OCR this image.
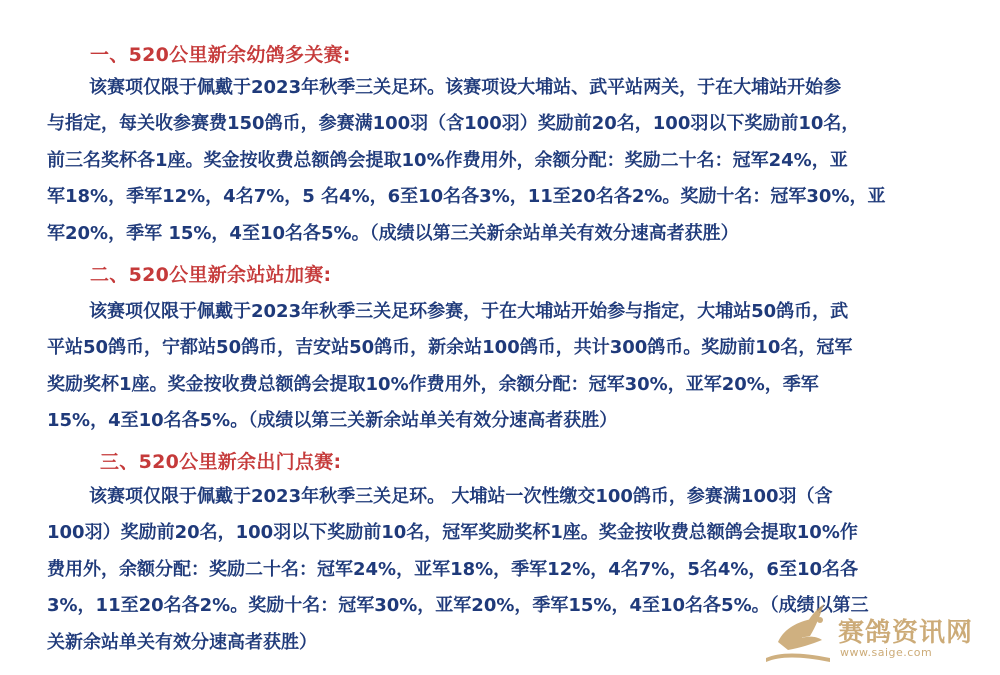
一、520公里新余幼鸽多关赛:
该赛项仅限于佩戴于2023年秋季三关足环。该赛项设大埔站、武平站两关，于在大埔站开始参
与指定，每关收参赛费150鸽币，参赛满100羽（含100羽）奖励前20名，100羽以下奖励前10名，
前三名奖杯各1座。奖金按收费总额鸽会提取10%作费用外，余额分配：奖励二十名：冠军24%，亚
军18%，季军12%，4名7%，5 名4%，6至10名各3%，11至20名各2%。奖励十名：冠军30%，亚
军20%，季军 15%，4至10名各5%。（成绩以第三关新余站单关有效分速高者获胜）
二、520公里新余站站加赛:
该赛项仅限于佩戴于2023年秋季三关足环参赛，于在大埔站开始参与指定，大埔站50鸽币，武
平站50鸽币，宁都站50鸽币，吉安站50鸽币，新余站100鸽币，共计300鸽币。奖励前10名，冠军
奖励奖杯1座。奖金按收费总额鸽会提取10%作费用外，余额分配：冠军30%，亚军20%，季军
15%，4至10名各5%。（成绩以第三关新余站单关有效分速高者获胜）
三、520公里新余出门点赛:
该赛项仅限于佩戴于2023年秋季三关足环。 大埔站一次性缴交100鸽币，参赛满100羽（含
100羽）奖励前20名，100羽以下奖励前10名，冠军奖励奖杯1座。奖金按收费总额鸽会提取10%作
费用外，余额分配：奖励二十名：冠军24%，亚军18%，季军12%，4名7%，5名4%，6至10名各
3%，11至20名各2%。奖励十名：冠军30%，亚军20%，季军15%，4至10名各5%。（成绩以第三
关新余站单关有效分速高者获胜）	赛鸽资讯网
www.saige.com
